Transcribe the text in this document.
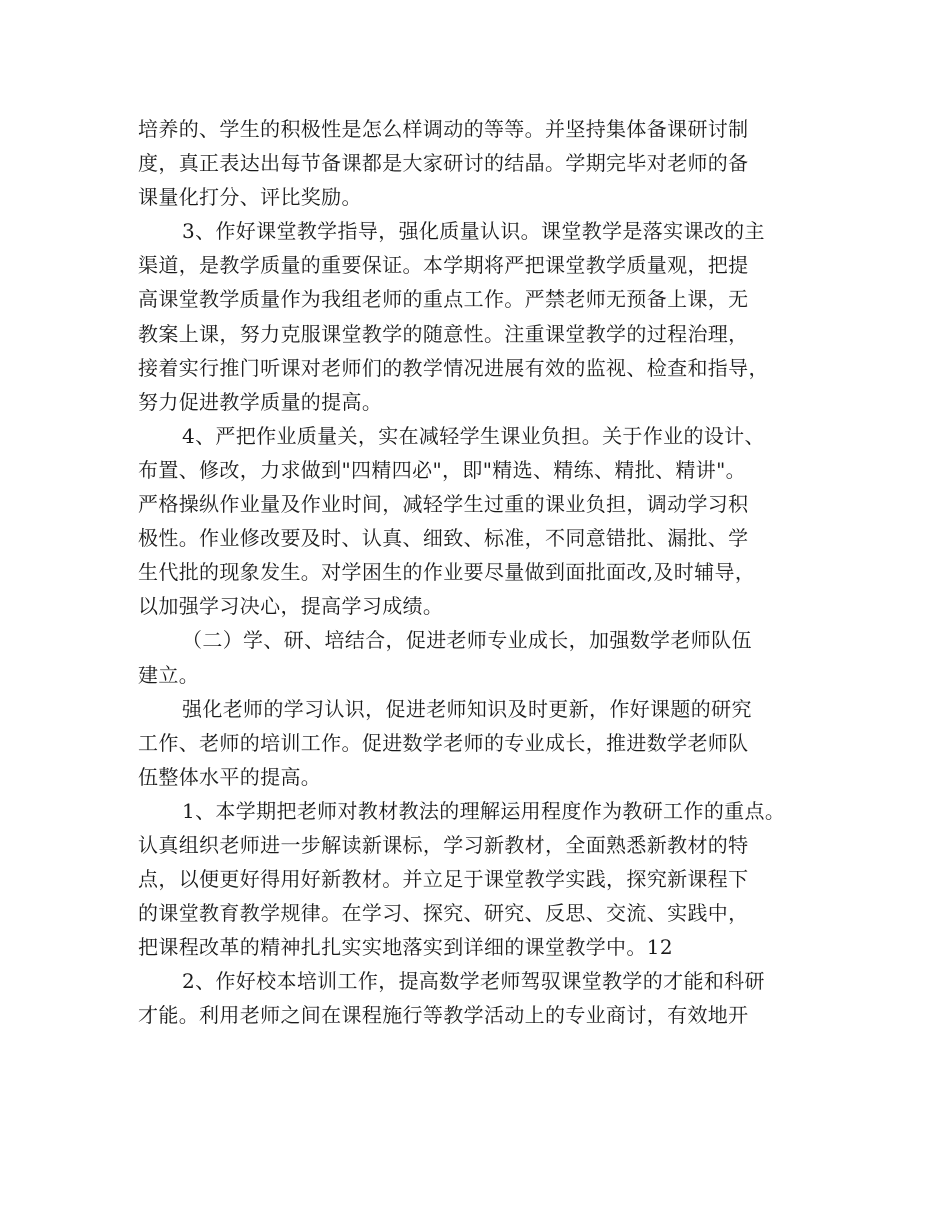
培养的、学生的积极性是怎么样调动的等等。并坚持集体备课研讨制
度，真正表达出每节备课都是大家研讨的结晶。学期完毕对老师的备
课量化打分、评比奖励。

3、作好课堂教学指导，强化质量认识。课堂教学是落实课改的主
渠道，是教学质量的重要保证。本学期将严把课堂教学质量观，把提
高课堂教学质量作为我组老师的重点工作。严禁老师无预备上课，无
教案上课，努力克服课堂教学的随意性。注重课堂教学的过程治理，
接着实行推门听课对老师们的教学情况进展有效的监视、检查和指导，
努力促进教学质量的提高。

4、严把作业质量关，实在减轻学生课业负担。关于作业的设计、
布置、修改，力求做到"四精四必"，即"精选、精练、精批、精讲"。
严格操纵作业量及作业时间，减轻学生过重的课业负担，调动学习积
极性。作业修改要及时、认真、细致、标准，不同意错批、漏批、学
生代批的现象发生。对学困生的作业要尽量做到面批面改,及时辅导，
以加强学习决心，提高学习成绩。

（二）学、研、培结合，促进老师专业成长，加强数学老师队伍
建立。

强化老师的学习认识，促进老师知识及时更新，作好课题的研究
工作、老师的培训工作。促进数学老师的专业成长，推进数学老师队
伍整体水平的提高。

1、本学期把老师对教材教法的理解运用程度作为教研工作的重点。
认真组织老师进一步解读新课标，学习新教材，全面熟悉新教材的特
点，以便更好得用好新教材。并立足于课堂教学实践，探究新课程下
的课堂教育教学规律。在学习、探究、研究、反思、交流、实践中，
把课程改革的精神扎扎实实地落实到详细的课堂教学中。12

2、作好校本培训工作，提高数学老师驾驭课堂教学的才能和科研
才能。利用老师之间在课程施行等教学活动上的专业商讨，有效地开
